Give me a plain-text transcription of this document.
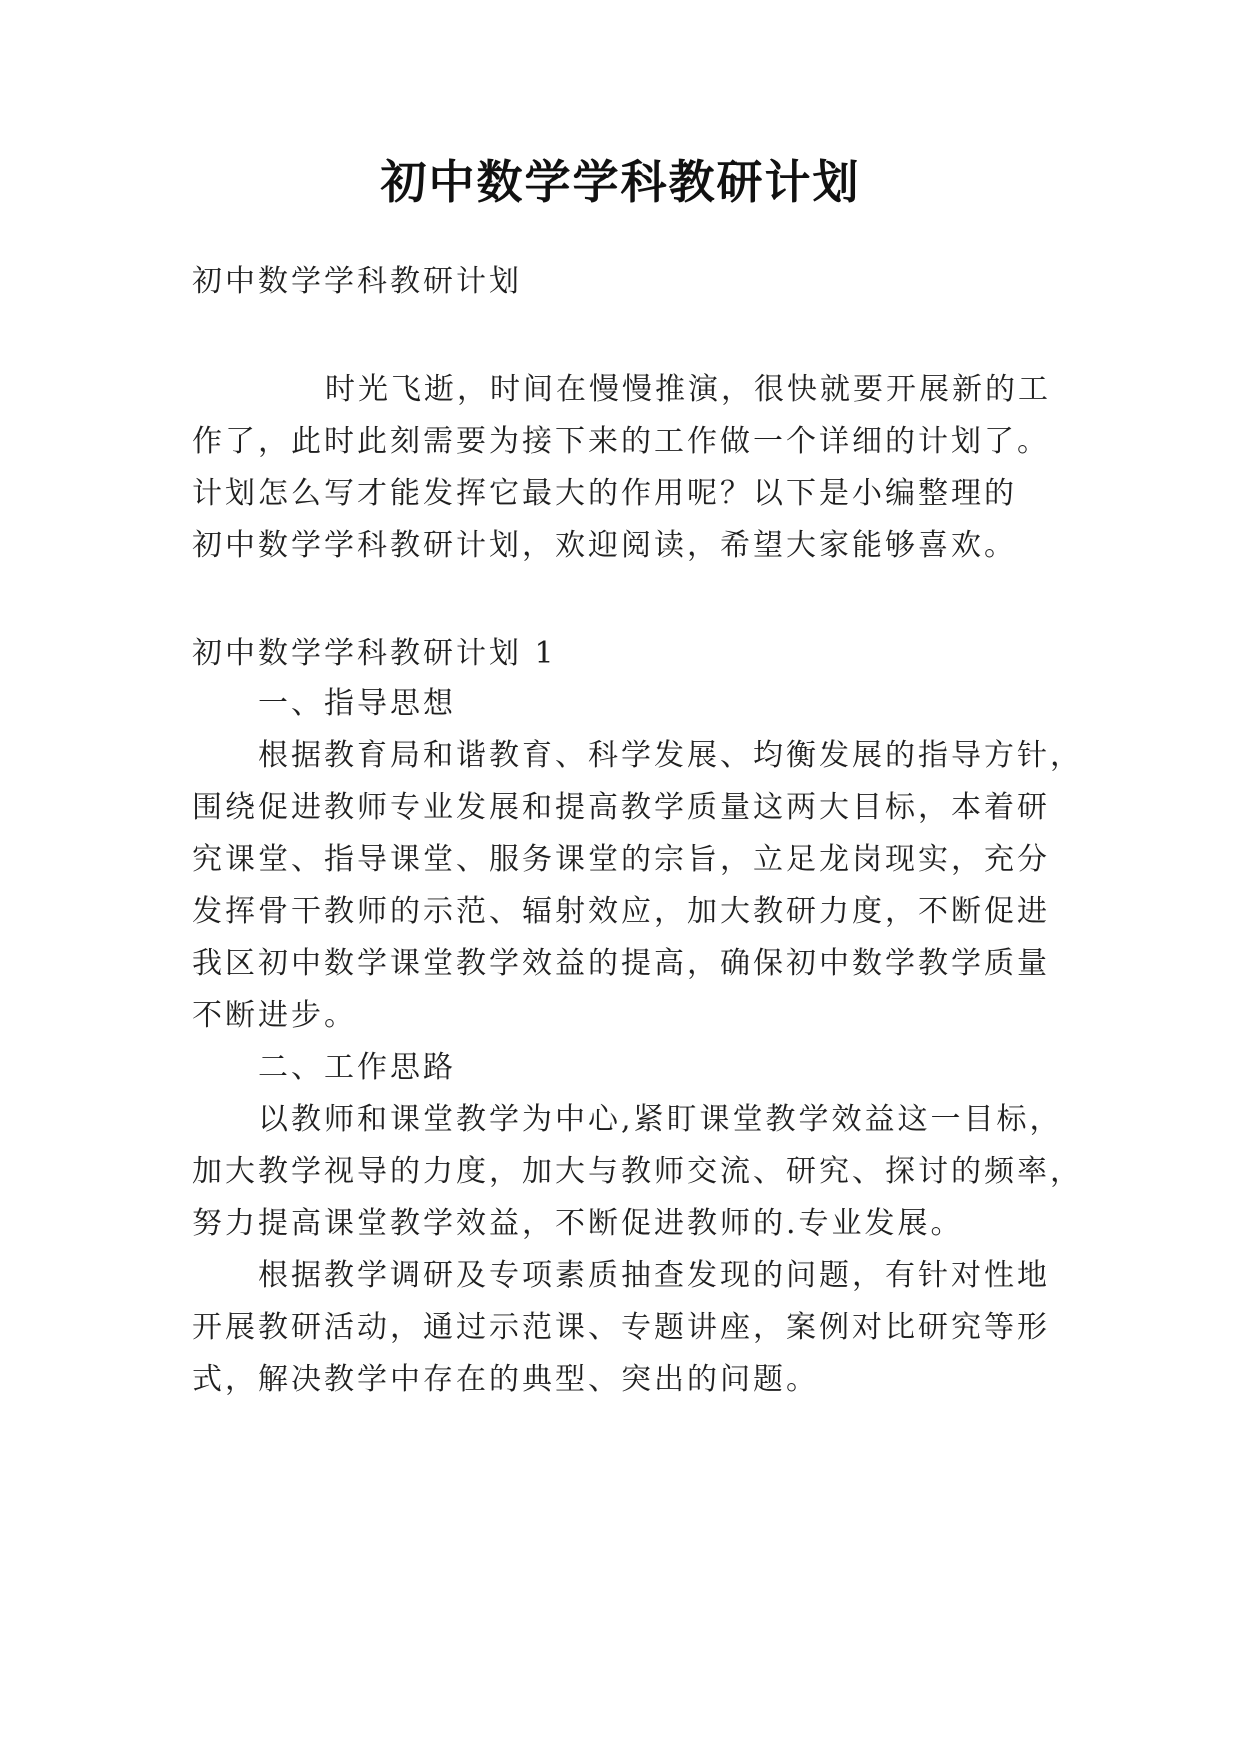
初中数学学科教研计划
初中数学学科教研计划
时光飞逝，时间在慢慢推演，很快就要开展新的工
作了，此时此刻需要为接下来的工作做一个详细的计划了。
计划怎么写才能发挥它最大的作用呢？以下是小编整理的
初中数学学科教研计划，欢迎阅读，希望大家能够喜欢。
初中数学学科教研计划 1
一、指导思想
根据教育局和谐教育、科学发展、均衡发展的指导方针，
围绕促进教师专业发展和提高教学质量这两大目标，本着研
究课堂、指导课堂、服务课堂的宗旨，立足龙岗现实，充分
发挥骨干教师的示范、辐射效应，加大教研力度，不断促进
我区初中数学课堂教学效益的提高，确保初中数学教学质量
不断进步。
二、工作思路
以教师和课堂教学为中心,紧盯课堂教学效益这一目标，
加大教学视导的力度，加大与教师交流、研究、探讨的频率，
努力提高课堂教学效益，不断促进教师的.专业发展。
根据教学调研及专项素质抽查发现的问题，有针对性地
开展教研活动，通过示范课、专题讲座，案例对比研究等形
式，解决教学中存在的典型、突出的问题。
